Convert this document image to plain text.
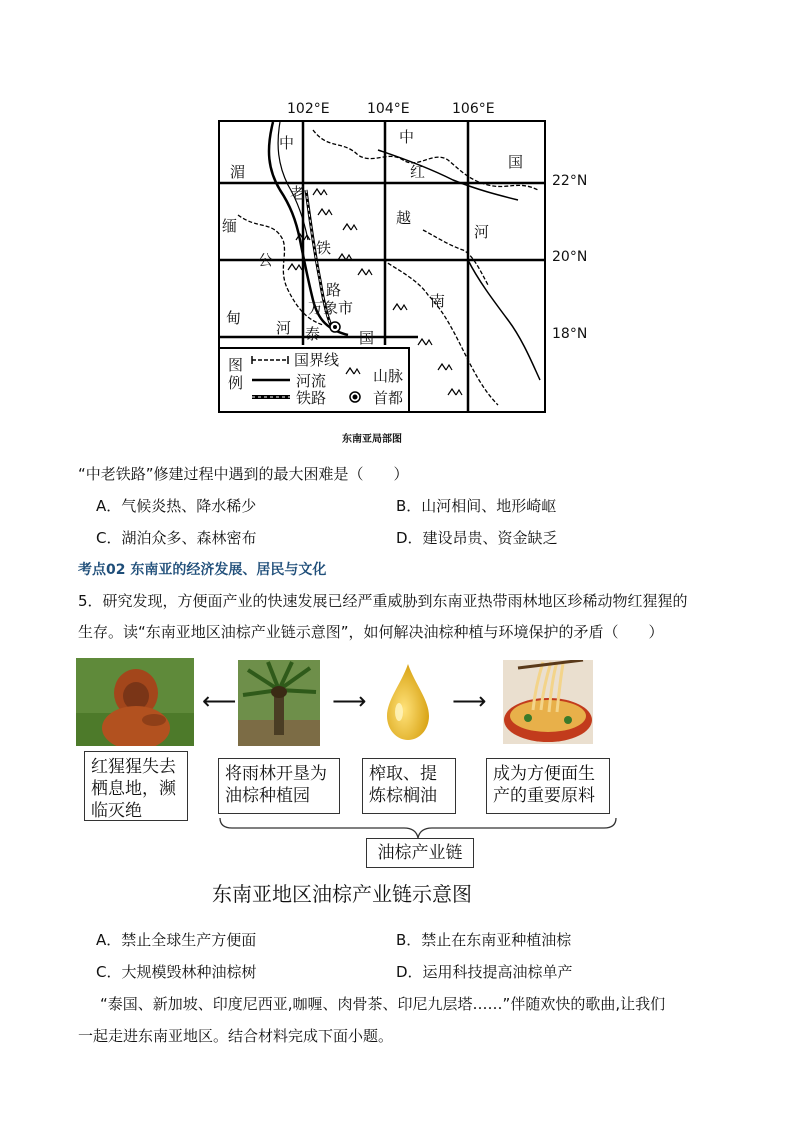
102°E	104°E	106°E
22°N
20°N
18°N
中	中
国
湄	红
老
越
缅
铁
河
公
路
万象市
甸
南
河 泰	国
图例
国界线
河流
铁路
山脉
首都
东南亚局部图
“中老铁路”修建过程中遇到的最大困难是（　　）
A．气候炎热、降水稀少	B．山河相间、地形崎岖
C．湖泊众多、森林密布	D．建设昂贵、资金缺乏
考点02 东南亚的经济发展、居民与文化
5．研究发现，方便面产业的快速发展已经严重威胁到东南亚热带雨林地区珍稀动物红猩猩的
生存。读“东南亚地区油棕产业链示意图”，如何解决油棕种植与环境保护的矛盾（　　）
⟵	⟶	⟶
红猩猩失去栖息地，濒临灭绝
将雨林开垦为油棕种植园
榨取、提炼棕榈油
成为方便面生产的重要原料
油棕产业链
东南亚地区油棕产业链示意图
A．禁止全球生产方便面	B．禁止在东南亚种植油棕
C．大规模毁林种油棕树	D．运用科技提高油棕单产
“泰国、新加坡、印度尼西亚,咖喱、肉骨茶、印尼九层塔……”伴随欢快的歌曲,让我们
一起走进东南亚地区。结合材料完成下面小题。
